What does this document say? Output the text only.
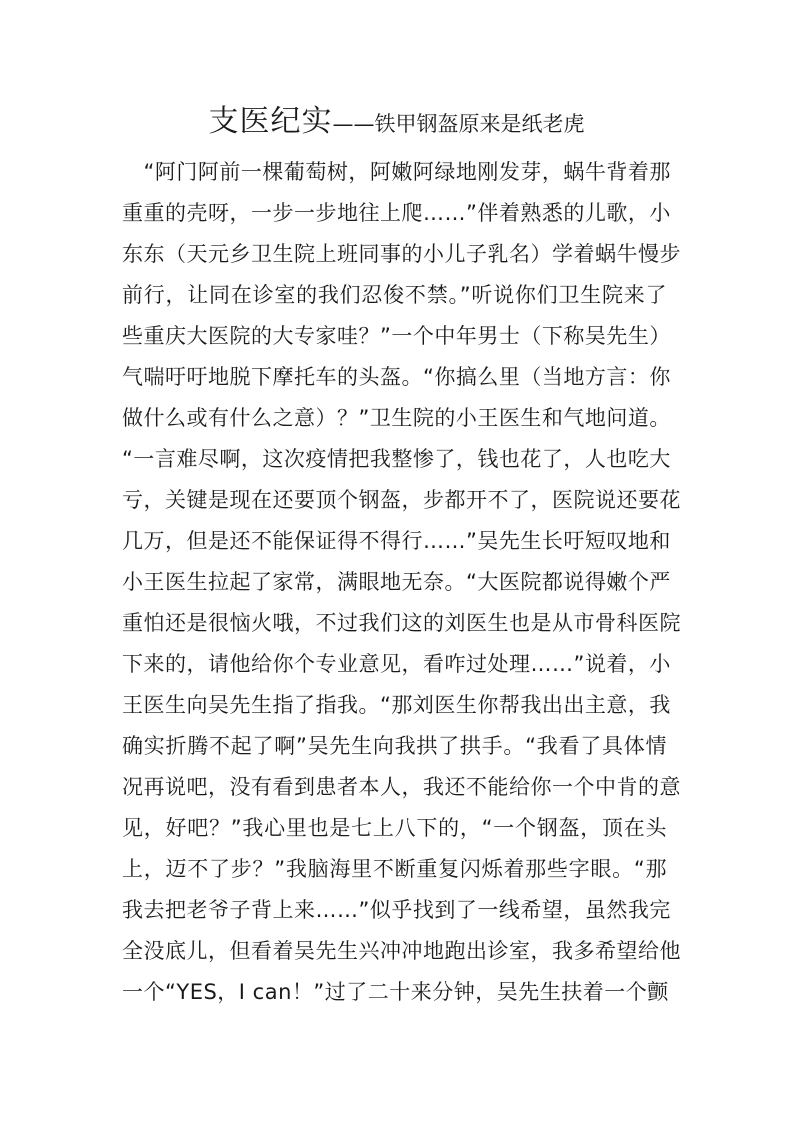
支医纪实——铁甲钢盔原来是纸老虎
　“阿门阿前一棵葡萄树，阿嫩阿绿地刚发芽，蜗牛背着那
重重的壳呀，一步一步地往上爬……”伴着熟悉的儿歌，小
东东（天元乡卫生院上班同事的小儿子乳名）学着蜗牛慢步
前行，让同在诊室的我们忍俊不禁。”听说你们卫生院来了
些重庆大医院的大专家哇？”一个中年男士（下称吴先生）
气喘吁吁地脱下摩托车的头盔。“你搞么里（当地方言：你
做什么或有什么之意）？”卫生院的小王医生和气地问道。
“一言难尽啊，这次疫情把我整惨了，钱也花了，人也吃大
亏，关键是现在还要顶个钢盔，步都开不了，医院说还要花
几万，但是还不能保证得不得行……”吴先生长吁短叹地和
小王医生拉起了家常，满眼地无奈。“大医院都说得嫩个严
重怕还是很恼火哦，不过我们这的刘医生也是从市骨科医院
下来的，请他给你个专业意见，看咋过处理……”说着，小
王医生向吴先生指了指我。“那刘医生你帮我出出主意，我
确实折腾不起了啊”吴先生向我拱了拱手。“我看了具体情
况再说吧，没有看到患者本人，我还不能给你一个中肯的意
见，好吧？”我心里也是七上八下的，“一个钢盔，顶在头
上，迈不了步？”我脑海里不断重复闪烁着那些字眼。“那
我去把老爷子背上来……”似乎找到了一线希望，虽然我完
全没底儿，但看着吴先生兴冲冲地跑出诊室，我多希望给他
一个“YES，I can！”过了二十来分钟，吴先生扶着一个颤
